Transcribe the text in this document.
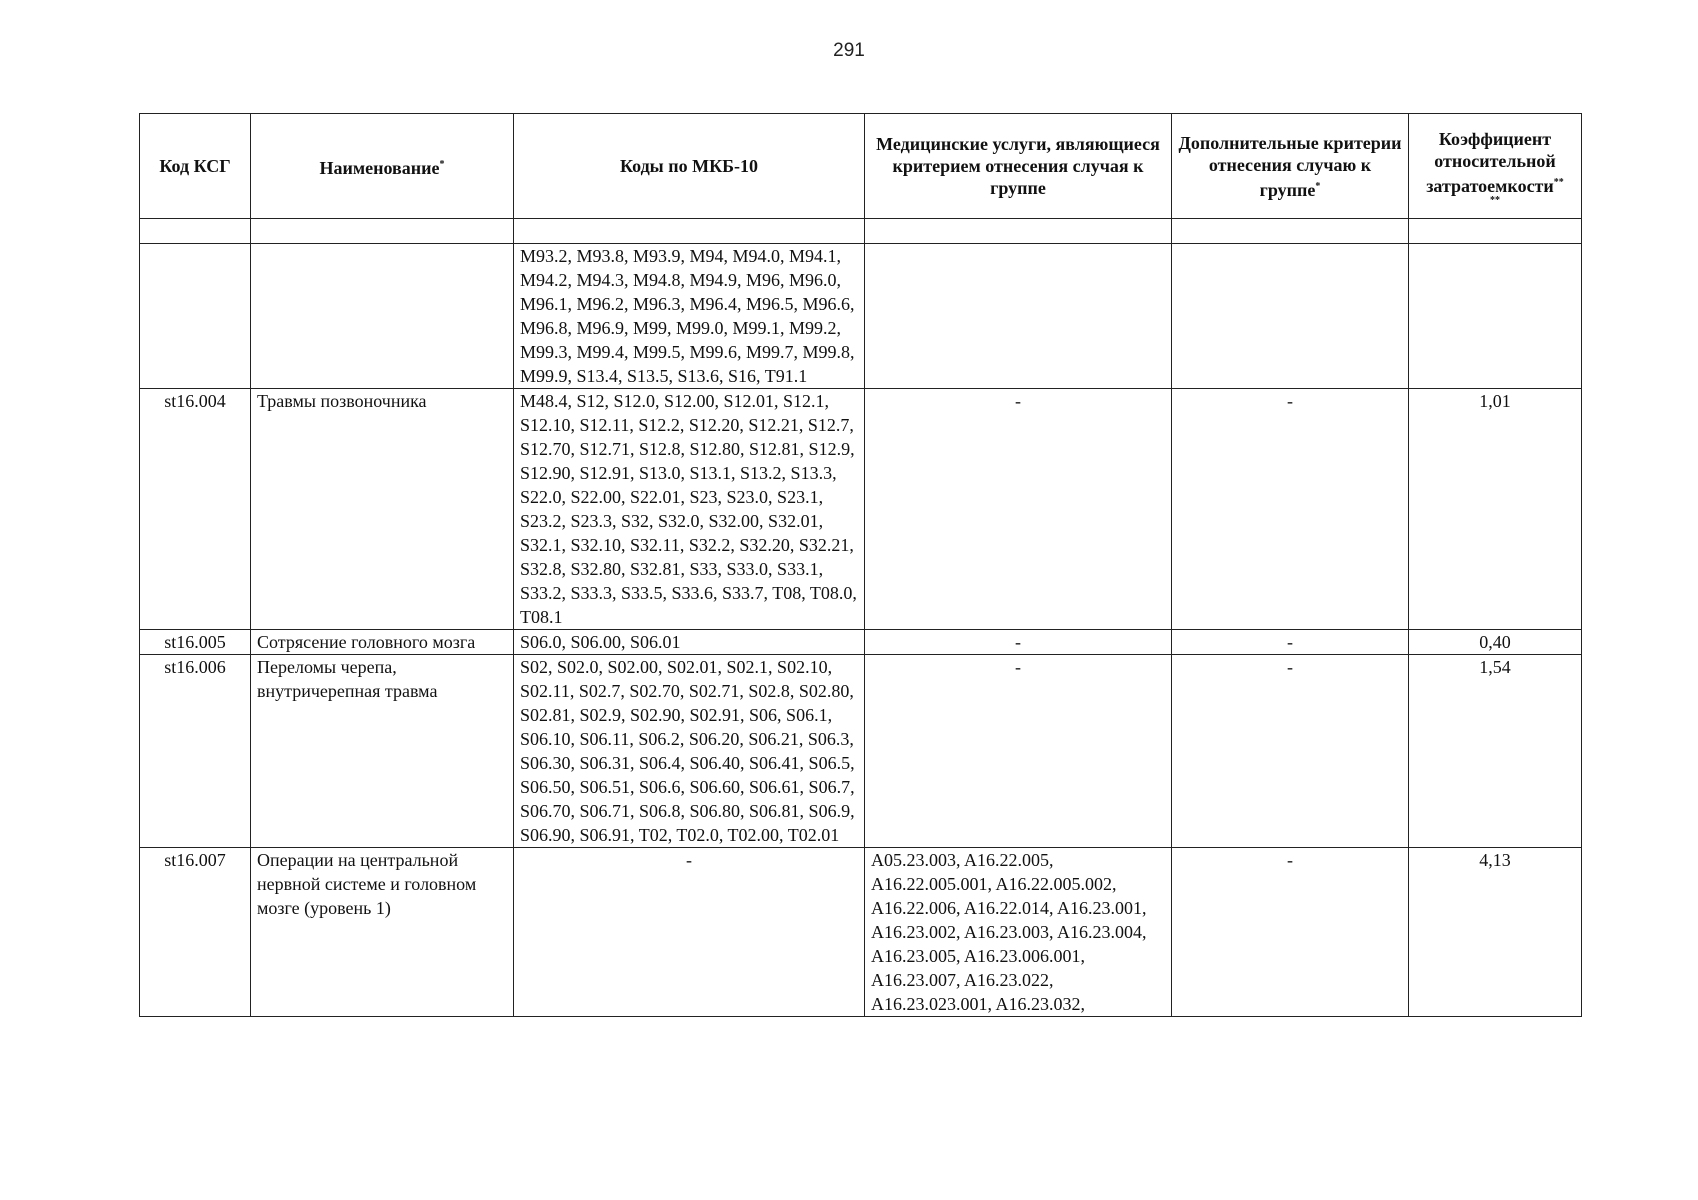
291
Код КСГ	Наименование*	Коды по МКБ-10	Медицинские услуги, являющиеся критерием отнесения случая к группе	Дополнительные критерии отнесения случаю к группе*	Коэффициент относительной затратоемкости**
**

		M93.2, M93.8, M93.9, M94, M94.0, M94.1, M94.2, M94.3, M94.8, M94.9, M96, M96.0, M96.1, M96.2, M96.3, M96.4, M96.5, M96.6, M96.8, M96.9, M99, M99.0, M99.1, M99.2, M99.3, M99.4, M99.5, M99.6, M99.7, M99.8, M99.9, S13.4, S13.5, S13.6, S16, T91.1			
st16.004	Травмы позвоночника	M48.4, S12, S12.0, S12.00, S12.01, S12.1, S12.10, S12.11, S12.2, S12.20, S12.21, S12.7, S12.70, S12.71, S12.8, S12.80, S12.81, S12.9, S12.90, S12.91, S13.0, S13.1, S13.2, S13.3, S22.0, S22.00, S22.01, S23, S23.0, S23.1, S23.2, S23.3, S32, S32.0, S32.00, S32.01, S32.1, S32.10, S32.11, S32.2, S32.20, S32.21, S32.8, S32.80, S32.81, S33, S33.0, S33.1, S33.2, S33.3, S33.5, S33.6, S33.7, T08, T08.0, T08.1	-	-	1,01
st16.005	Сотрясение головного мозга	S06.0, S06.00, S06.01	-	-	0,40
st16.006	Переломы черепа, внутричерепная травма	S02, S02.0, S02.00, S02.01, S02.1, S02.10, S02.11, S02.7, S02.70, S02.71, S02.8, S02.80, S02.81, S02.9, S02.90, S02.91, S06, S06.1, S06.10, S06.11, S06.2, S06.20, S06.21, S06.3, S06.30, S06.31, S06.4, S06.40, S06.41, S06.5, S06.50, S06.51, S06.6, S06.60, S06.61, S06.7, S06.70, S06.71, S06.8, S06.80, S06.81, S06.9, S06.90, S06.91, T02, T02.0, T02.00, T02.01	-	-	1,54
st16.007	Операции на центральной нервной системе и головном мозге (уровень 1)	-	A05.23.003, A16.22.005, A16.22.005.001, A16.22.005.002, A16.22.006, A16.22.014, A16.23.001, A16.23.002, A16.23.003, A16.23.004, A16.23.005, A16.23.006.001, A16.23.007, A16.23.022, A16.23.023.001, A16.23.032,	-	4,13
